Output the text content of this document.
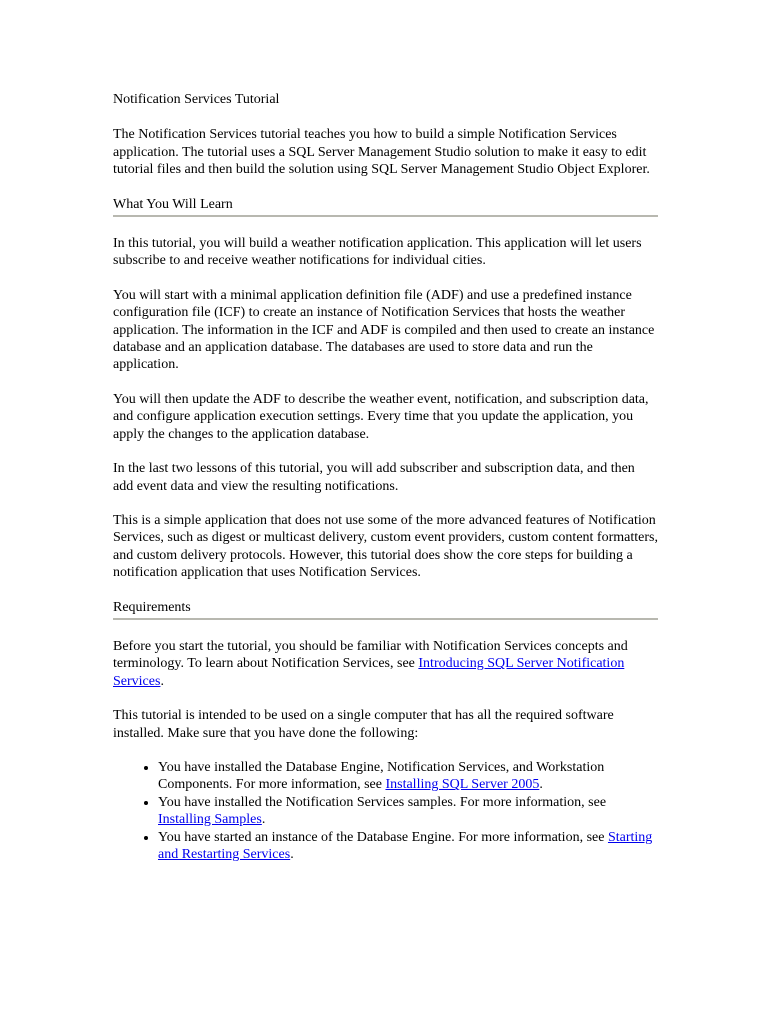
Notification Services Tutorial

The Notification Services tutorial teaches you how to build a simple Notification Services application. The tutorial uses a SQL Server Management Studio solution to make it easy to edit tutorial files and then build the solution using SQL Server Management Studio Object Explorer.

What You Will Learn

In this tutorial, you will build a weather notification application. This application will let users subscribe to and receive weather notifications for individual cities.

You will start with a minimal application definition file (ADF) and use a predefined instance configuration file (ICF) to create an instance of Notification Services that hosts the weather application. The information in the ICF and ADF is compiled and then used to create an instance database and an application database. The databases are used to store data and run the application.

You will then update the ADF to describe the weather event, notification, and subscription data, and configure application execution settings. Every time that you update the application, you apply the changes to the application database.

In the last two lessons of this tutorial, you will add subscriber and subscription data, and then add event data and view the resulting notifications.

This is a simple application that does not use some of the more advanced features of Notification Services, such as digest or multicast delivery, custom event providers, custom content formatters, and custom delivery protocols. However, this tutorial does show the core steps for building a notification application that uses Notification Services.

Requirements

Before you start the tutorial, you should be familiar with Notification Services concepts and terminology. To learn about Notification Services, see Introducing SQL Server Notification Services.

This tutorial is intended to be used on a single computer that has all the required software installed. Make sure that you have done the following:

• You have installed the Database Engine, Notification Services, and Workstation Components. For more information, see Installing SQL Server 2005.
• You have installed the Notification Services samples. For more information, see Installing Samples.
• You have started an instance of the Database Engine. For more information, see Starting and Restarting Services.
